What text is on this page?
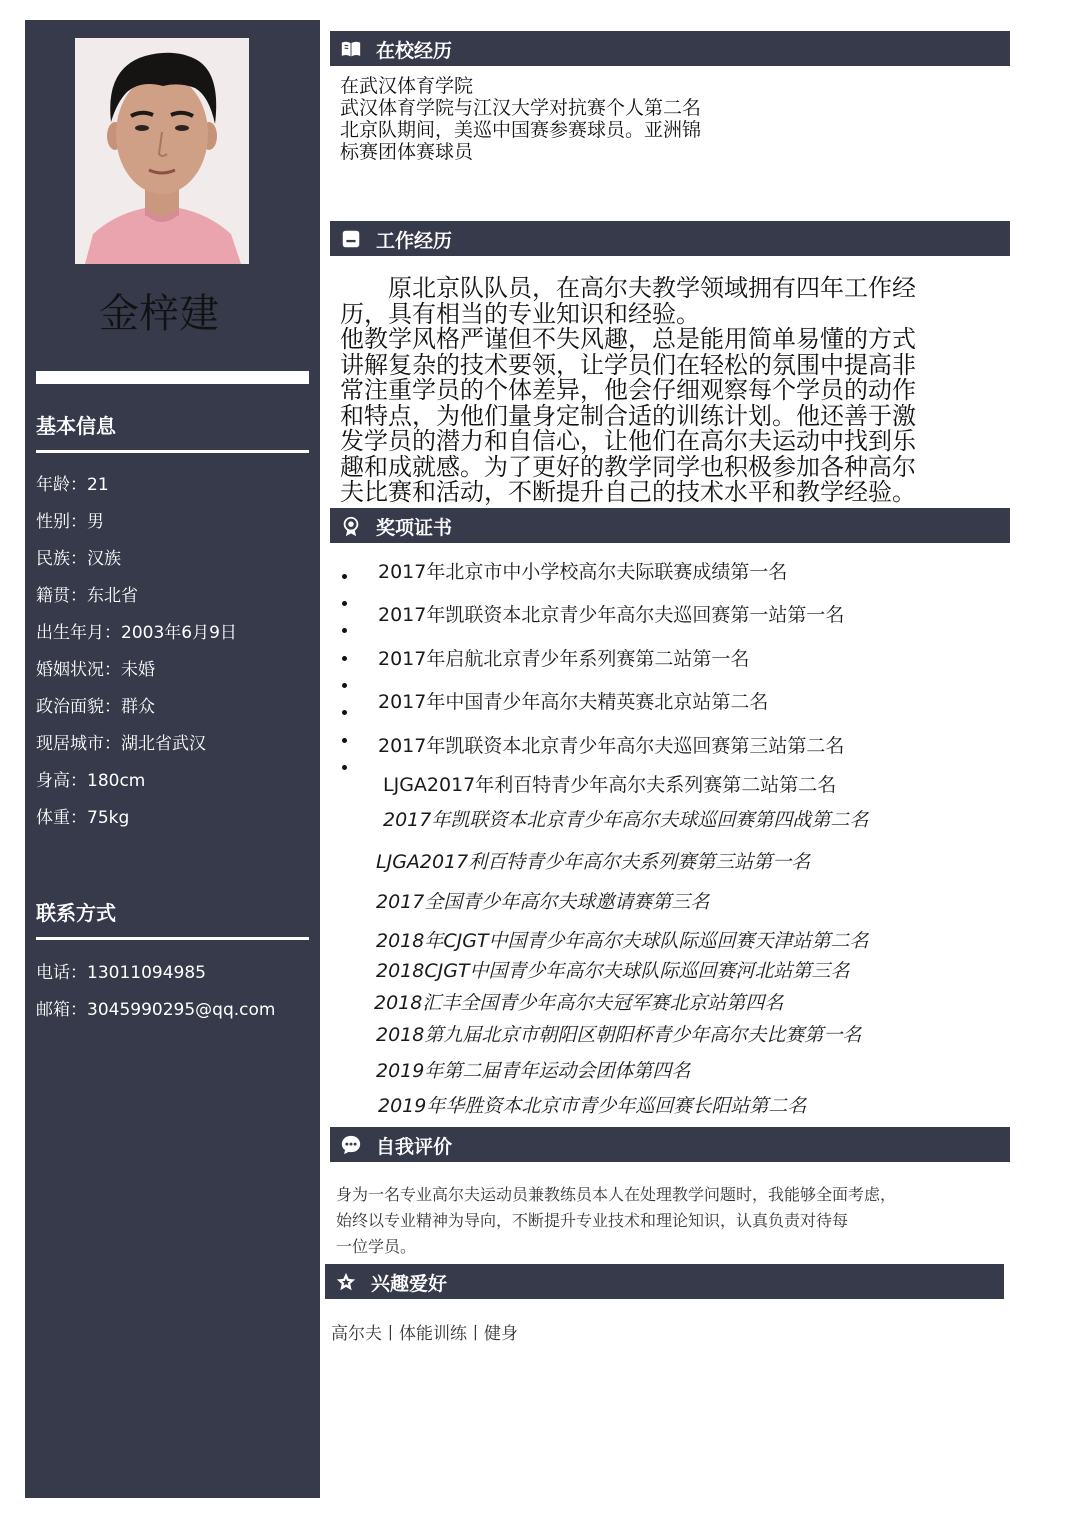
金梓建
基本信息
年龄：21
性别：男
民族：汉族
籍贯：东北省
出生年月：2003年6月9日
婚姻状况：未婚
政治面貌：群众
现居城市：湖北省武汉
身高：180cm
体重：75kg
联系方式
电话：13011094985
邮箱：3045990295@qq.com
在校经历
在武汉体育学院
武汉体育学院与江汉大学对抗赛个人第二名
北京队期间，美巡中国赛参赛球员。亚洲锦
标赛团体赛球员
工作经历
　　原北京队队员，在高尔夫教学领域拥有四年工作经
历，具有相当的专业知识和经验。
他教学风格严谨但不失风趣，总是能用简单易懂的方式
讲解复杂的技术要领，让学员们在轻松的氛围中提高非
常注重学员的个体差异，他会仔细观察每个学员的动作
和特点，为他们量身定制合适的训练计划。他还善于激
发学员的潜力和自信心，让他们在高尔夫运动中找到乐
趣和成就感。为了更好的教学同学也积极参加各种高尔
夫比赛和活动，不断提升自己的技术水平和教学经验。
奖项证书
2017年北京市中小学校高尔夫际联赛成绩第一名
2017年凯联资本北京青少年高尔夫巡回赛第一站第一名
2017年启航北京青少年系列赛第二站第一名
2017年中国青少年高尔夫精英赛北京站第二名
2017年凯联资本北京青少年高尔夫巡回赛第三站第二名
LJGA2017年利百特青少年高尔夫系列赛第二站第二名
2017年凯联资本北京青少年高尔夫球巡回赛第四战第二名
LJGA2017利百特青少年高尔夫系列赛第三站第一名
2017全国青少年高尔夫球邀请赛第三名
2018年CJGT中国青少年高尔夫球队际巡回赛天津站第二名
2018CJGT中国青少年高尔夫球队际巡回赛河北站第三名
2018汇丰全国青少年高尔夫冠军赛北京站第四名
2018第九届北京市朝阳区朝阳杯青少年高尔夫比赛第一名
2019年第二届青年运动会团体第四名
2019年华胜资本北京市青少年巡回赛长阳站第二名
自我评价
身为一名专业高尔夫运动员兼教练员本人在处理教学问题时，我能够全面考虑，
始终以专业精神为导向，不断提升专业技术和理论知识，认真负责对待每
一位学员。
兴趣爱好
高尔夫丨体能训练丨健身
